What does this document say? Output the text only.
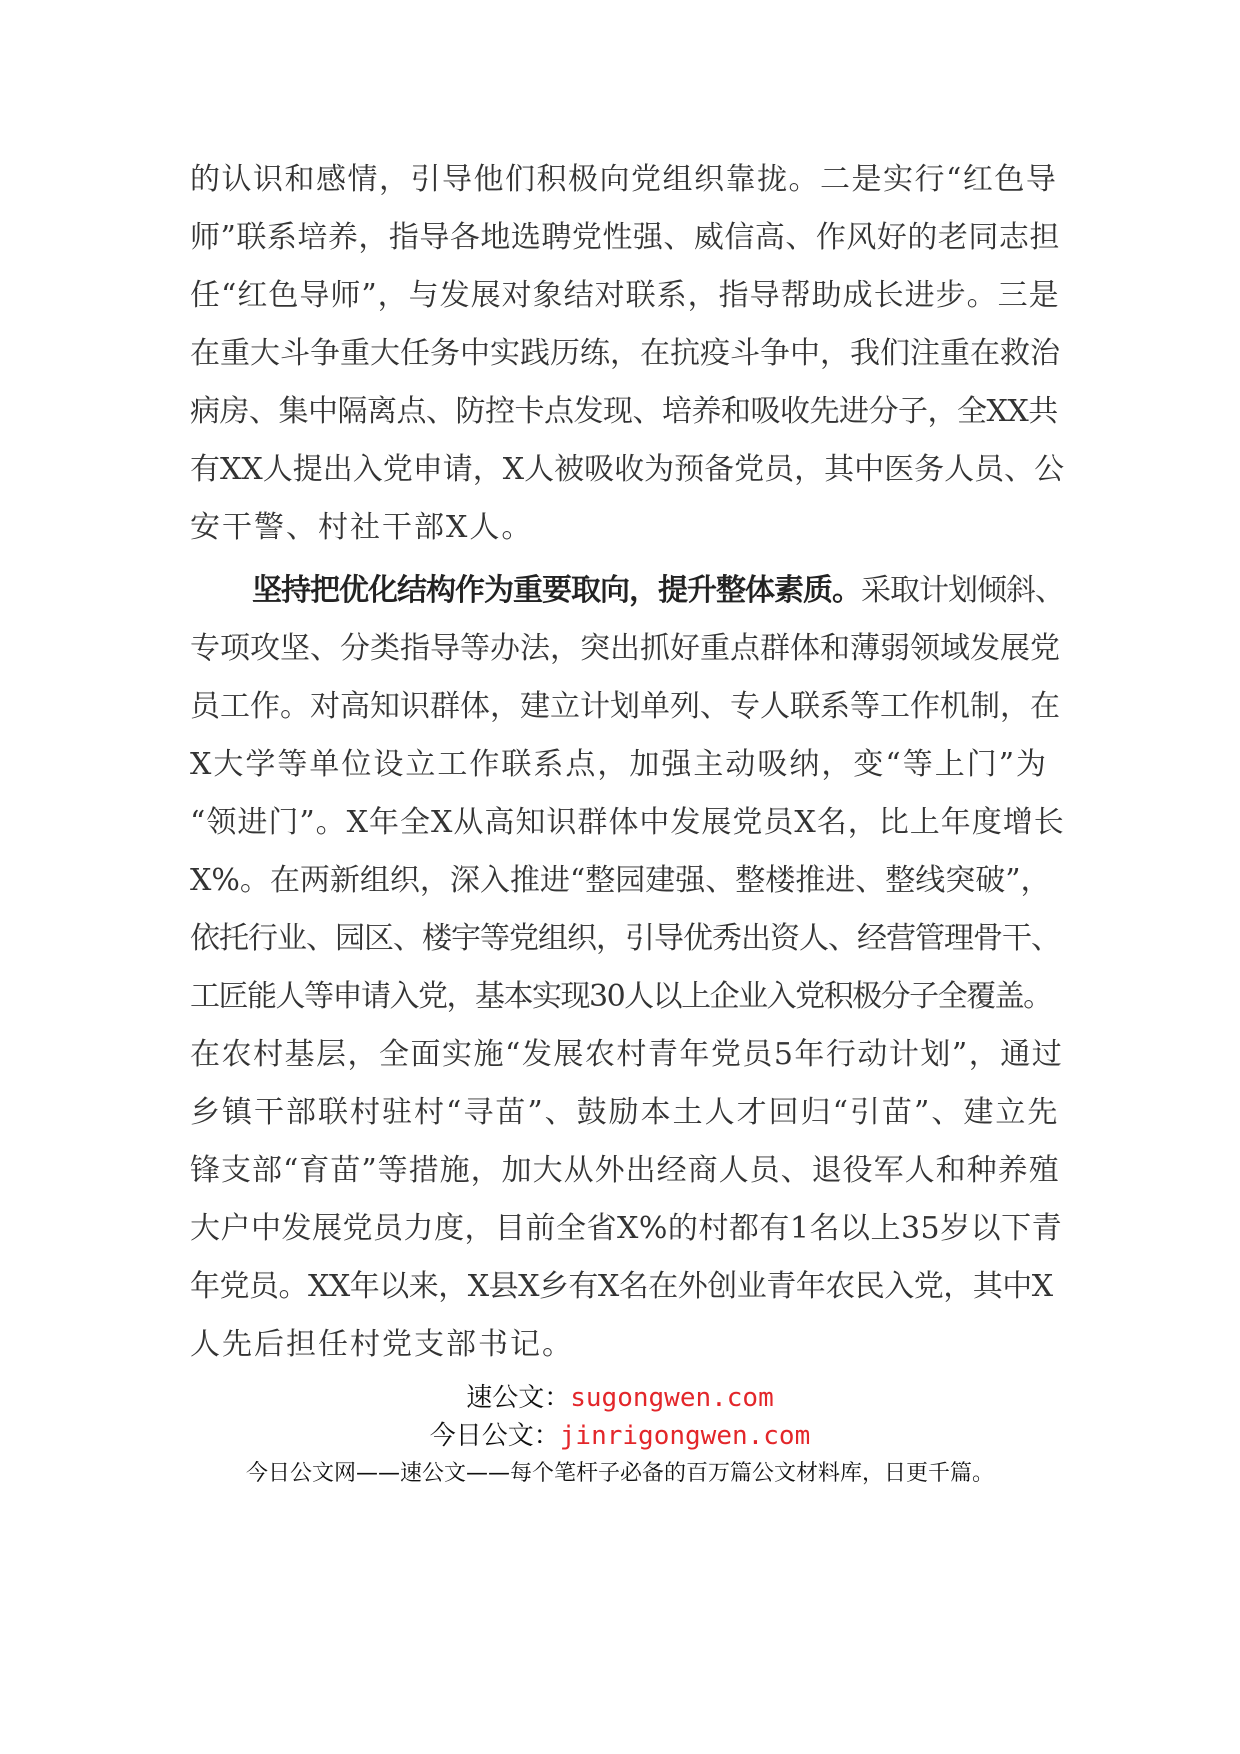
的认识和感情，引导他们积极向党组织靠拢。二是实行“红色导
师”联系培养，指导各地选聘党性强、威信高、作风好的老同志担
任“红色导师”，与发展对象结对联系，指导帮助成长进步。三是
在重大斗争重大任务中实践历练，在抗疫斗争中，我们注重在救治
病房、集中隔离点、防控卡点发现、培养和吸收先进分子，全XX共
有XX人提出入党申请，X人被吸收为预备党员，其中医务人员、公
安干警、村社干部X人。
坚持把优化结构作为重要取向，提升整体素质。采取计划倾斜、
专项攻坚、分类指导等办法，突出抓好重点群体和薄弱领域发展党
员工作。对高知识群体，建立计划单列、专人联系等工作机制，在
X大学等单位设立工作联系点，加强主动吸纳，变“等上门”为
“领进门”。X年全X从高知识群体中发展党员X名，比上年度增长
X%。在两新组织，深入推进“整园建强、整楼推进、整线突破”，
依托行业、园区、楼宇等党组织，引导优秀出资人、经营管理骨干、
工匠能人等申请入党，基本实现30人以上企业入党积极分子全覆盖。
在农村基层，全面实施“发展农村青年党员5年行动计划”，通过
乡镇干部联村驻村“寻苗”、鼓励本土人才回归“引苗”、建立先
锋支部“育苗”等措施，加大从外出经商人员、退役军人和种养殖
大户中发展党员力度，目前全省X%的村都有1名以上35岁以下青
年党员。XX年以来，X县X乡有X名在外创业青年农民入党，其中X
人先后担任村党支部书记。
速公文：sugongwen.com
今日公文：jinrigongwen.com
今日公文网——速公文——每个笔杆子必备的百万篇公文材料库，日更千篇。
